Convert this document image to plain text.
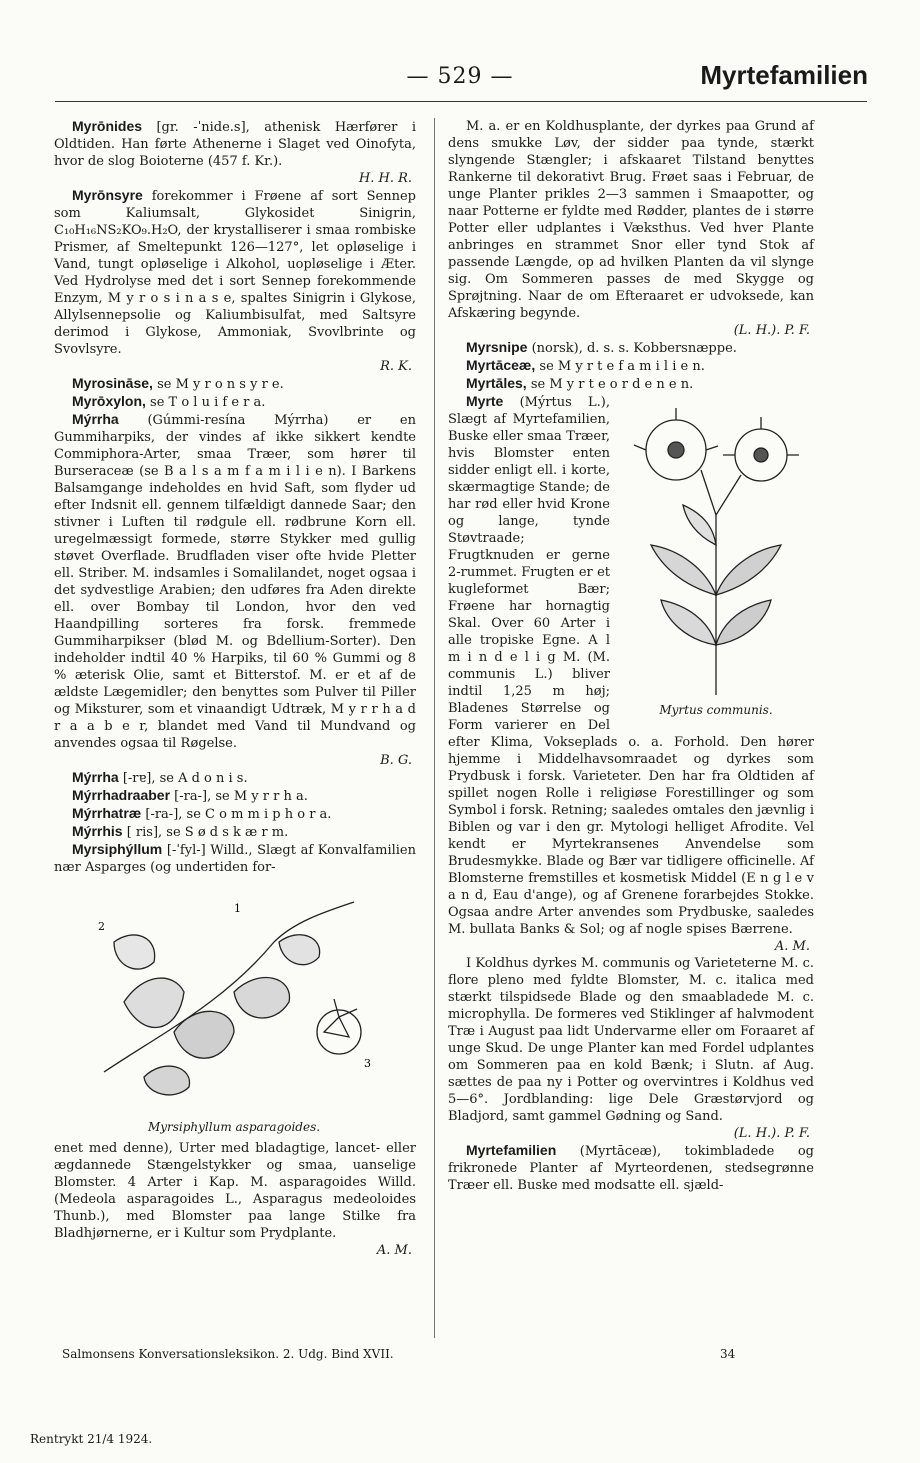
— 529 —	Myrtefamilien

Myrōnides [gr. -ˈnide.s], athenisk Hærfører i Oldtiden. Han førte Athenerne i Slaget ved Oinofyta, hvor de slog Boioterne (457 f. Kr.).
H. H. R.

Myrōnsyre forekommer i Frøene af sort Sennep som Kaliumsalt, Glykosidet Sinigrin, C₁₀H₁₆NS₂KO₉.H₂O, der krystalliserer i smaa rombiske Prismer, af Smeltepunkt 126—127°, let opløselige i Vand, tungt opløselige i Alkohol, uopløselige i Æter. Ved Hydrolyse med det i sort Sennep forekommende Enzym, M y r o s i n a s e, spaltes Sinigrin i Glykose, Allylsennepsolie og Kaliumbisulfat, med Saltsyre derimod i Glykose, Ammoniak, Svovlbrinte og Svovlsyre.
R. K.

Myrosināse, se M y r o n s y r e.

Myrōxylon, se T o l u i f e r a.

Mýrrha (Gúmmi-resína Mýrrha) er en Gummiharpiks, der vindes af ikke sikkert kendte Commiphora-Arter, smaa Træer, som hører til Burseraceæ (se B a l s a m f a m i l i e n). I Barkens Balsamgange indeholdes en hvid Saft, som flyder ud efter Indsnit ell. gennem tilfældigt dannede Saar; den stivner i Luften til rødgule ell. rødbrune Korn ell. uregelmæssigt formede, større Stykker med gullig støvet Overflade. Brudfladen viser ofte hvide Pletter ell. Striber. M. indsamles i Somalilandet, noget ogsaa i det sydvestlige Arabien; den udføres fra Aden direkte ell. over Bombay til London, hvor den ved Haandpilling sorteres fra forsk. fremmede Gummiharpikser (blød M. og Bdellium-Sorter). Den indeholder indtil 40 % Harpiks, til 60 % Gummi og 8 % æterisk Olie, samt et Bitterstof. M. er et af de ældste Lægemidler; den benyttes som Pulver til Piller og Miksturer, som et vinaandigt Udtræk, M y r r h a d r a a b e r, blandet med Vand til Mundvand og anvendes ogsaa til Røgelse.
B. G.

Mýrrha [-rɐ], se A d o n i s.

Mýrrhadraaber [-ra-], se M y r r h a.

Mýrrhatræ [-ra-], se C o m m i p h o r a.

Mýrrhis [ ris], se S ø d s k æ r m.

Myrsiphýllum [-ˈfyl-] Willd., Slægt af Konvalfamilien nær Asparges (og undertiden for-

2
1
3
Myrsiphyllum asparagoides.

enet med denne), Urter med bladagtige, lancet- eller ægdannede Stængelstykker og smaa, uanselige Blomster. 4 Arter i Kap. M. asparagoides Willd. (Medeola asparagoides L., Asparagus medeoloides Thunb.), med Blomster paa lange Stilke fra Bladhjørnerne, er i Kultur som Prydplante.
A. M.

M. a. er en Koldhusplante, der dyrkes paa Grund af dens smukke Løv, der sidder paa tynde, stærkt slyngende Stængler; i afskaaret Tilstand benyttes Rankerne til dekorativt Brug. Frøet saas i Februar, de unge Planter prikles 2—3 sammen i Smaapotter, og naar Potterne er fyldte med Rødder, plantes de i større Potter eller udplantes i Væksthus. Ved hver Plante anbringes en strammet Snor eller tynd Stok af passende Længde, op ad hvilken Planten da vil slynge sig. Om Sommeren passes de med Skygge og Sprøjtning. Naar de om Efteraaret er udvoksede, kan Afskæring begynde.
(L. H.). P. F.

Myrsnipe (norsk), d. s. s. Kobbersnæppe.

Myrtāceæ, se M y r t e f a m i l i e n.

Myrtāles, se M y r t e o r d e n e n.

Myrtus communis.

Myrte (Mýrtus L.), Slægt af Myrtefamilien, Buske eller smaa Træer, hvis Blomster enten sidder enligt ell. i korte, skærmagtige Stande; de har rød eller hvid Krone og lange, tynde Støvtraade; Frugtknuden er gerne 2-rummet. Frugten er et kugleformet Bær; Frøene har hornagtig Skal. Over 60 Arter i alle tropiske Egne. A l m i n d e l i g M. (M. communis L.) bliver indtil 1,25 m høj; Bladenes Størrelse og Form varierer en Del efter Klima, Vokseplads o. a. Forhold. Den hører hjemme i Middelhavsomraadet og dyrkes som Prydbusk i forsk. Varieteter. Den har fra Oldtiden af spillet nogen Rolle i religiøse Forestillinger og som Symbol i forsk. Retning; saaledes omtales den jævnlig i Biblen og var i den gr. Mytologi helliget Afrodite. Vel kendt er Myrtekransenes Anvendelse som Brudesmykke. Blade og Bær var tidligere officinelle. Af Blomsterne fremstilles et kosmetisk Middel (E n g l e v a n d, Eau d'ange), og af Grenene forarbejdes Stokke. Ogsaa andre Arter anvendes som Prydbuske, saaledes M. bullata Banks & Sol; og af nogle spises Bærrene.
A. M.

I Koldhus dyrkes M. communis og Varieteterne M. c. flore pleno med fyldte Blomster, M. c. italica med stærkt tilspidsede Blade og den smaabladede M. c. microphylla. De formeres ved Stiklinger af halvmodent Træ i August paa lidt Undervarme eller om Foraaret af unge Skud. De unge Planter kan med Fordel udplantes om Sommeren paa en kold Bænk; i Slutn. af Aug. sættes de paa ny i Potter og overvintres i Koldhus ved 5—6°. Jordblanding: lige Dele Græstørvjord og Bladjord, samt gammel Gødning og Sand.
(L. H.). P. F.

Myrtefamilien (Myrtāceæ), tokimbladede og frikronede Planter af Myrteordenen, stedsegrønne Træer ell. Buske med modsatte ell. sjæld-

Salmonsens Konversationsleksikon. 2. Udg. Bind XVII.	34
Rentrykt 21/4 1924.
